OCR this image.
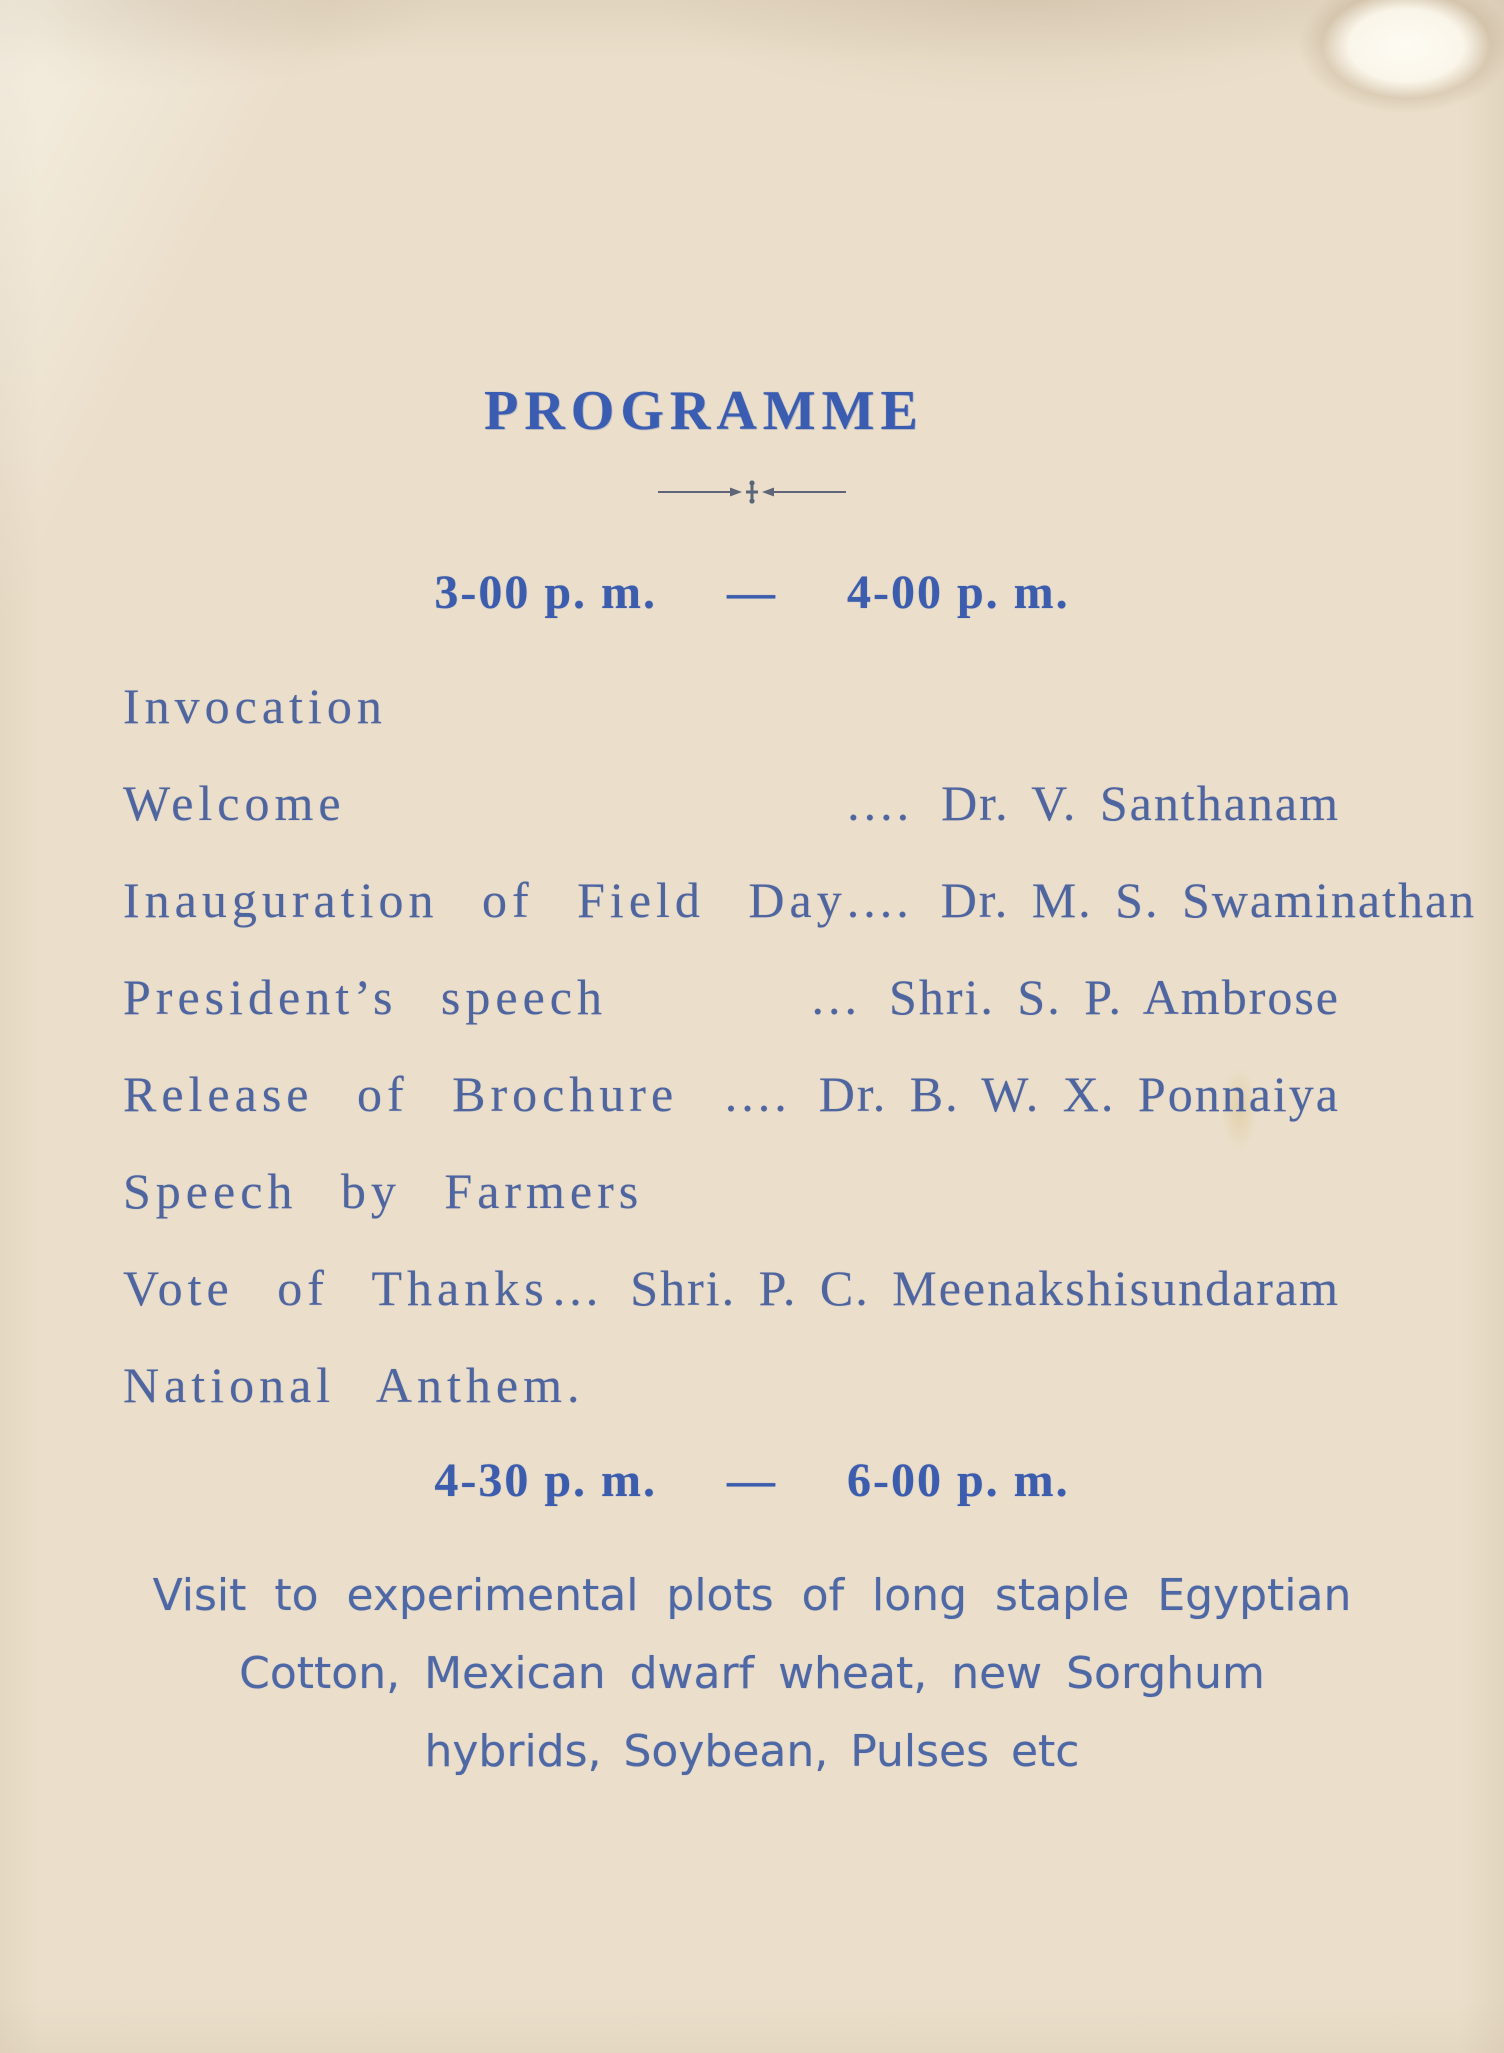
PROGRAMME
3-00 p. m. — 4-00 p. m.
Invocation
Welcome	.... Dr. V. Santhanam
Inauguration of Field Day .... Dr. M. S. Swaminathan
President’s speech	... Shri. S. P. Ambrose
Release of Brochure .... Dr. B. W. X. Ponnaiya
Speech by Farmers
Vote of Thanks ... Shri. P. C. Meenakshisundaram
National Anthem.
4-30 p. m. — 6-00 p. m.
Visit to experimental plots of long staple Egyptian
Cotton, Mexican dwarf wheat, new Sorghum
hybrids, Soybean, Pulses etc
